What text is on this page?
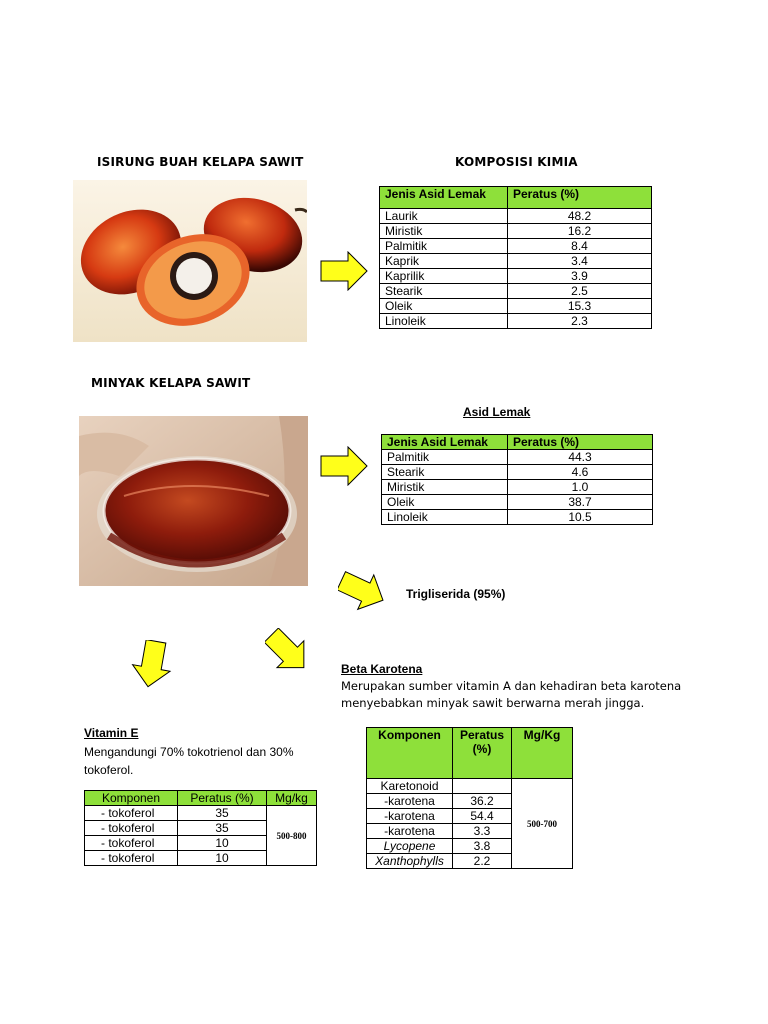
ISIRUNG BUAH KELAPA SAWIT	KOMPOSISI KIMIA
Jenis Asid Lemak	Peratus (%)
Laurik	48.2
Miristik	16.2
Palmitik	8.4
Kaprik	3.4
Kaprilik	3.9
Stearik	2.5
Oleik	15.3
Linoleik	2.3
MINYAK KELAPA SAWIT
Asid Lemak
Jenis Asid Lemak	Peratus (%)
Palmitik	44.3
Stearik	4.6
Miristik	1.0
Oleik	38.7
Linoleik	10.5
Trigliserida (95%)
Beta Karotena
Merupakan sumber vitamin A dan kehadiran beta karotena menyebabkan minyak sawit berwarna merah jingga.
Vitamin E
Mengandungi 70% tokotrienol dan 30% tokoferol.
Komponen	Peratus (%)	Mg/kg
- tokoferol	35	500-800
- tokoferol	35	
- tokoferol	10	
- tokoferol	10	
Komponen	Peratus (%)	Mg/Kg
Karetonoid		500-700
-karotena	36.2	
-karotena	54.4	
-karotena	3.3	
Lycopene	3.8	
Xanthophylls	2.2	
